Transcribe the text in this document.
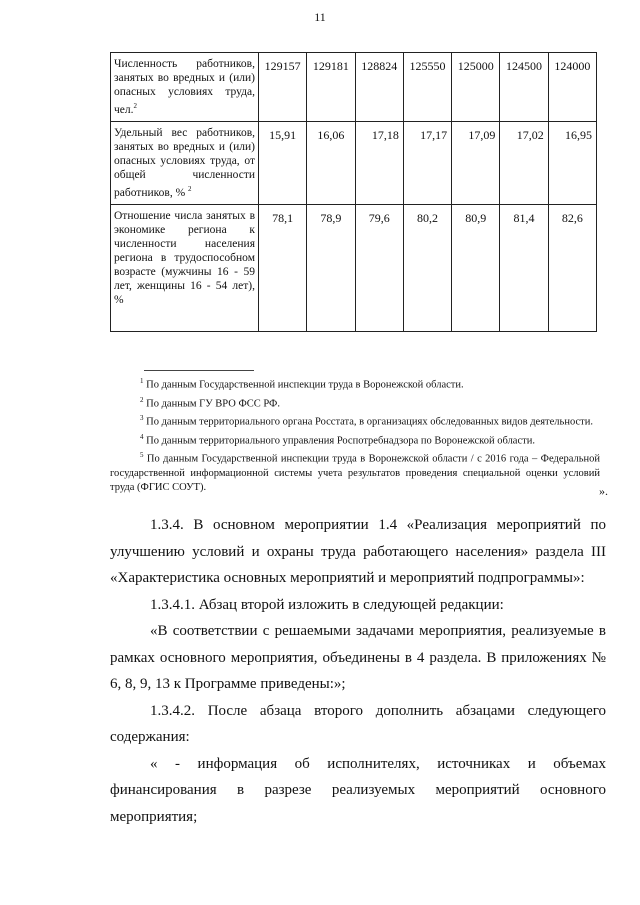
11
Численность работников, занятых во вредных и (или) опасных условиях труда, чел.$^2$	129157	129181	128824	125550	125000	124500	124000
Удельный вес работников, занятых во вредных и (или) опасных условиях труда, от общей численности работников, % $^2$	15,91	16,06	17,18	17,17	17,09	17,02	16,95
Отношение числа занятых в экономике региона к численности населения региона в трудоспособном возрасте (мужчины 16 - 59 лет, женщины 16 - 54 лет), %	78,1	78,9	79,6	80,2	80,9	81,4	82,6

$^1$ По данным Государственной инспекции труда в Воронежской области.

$^2$ По данным ГУ ВРО ФСС РФ.

$^3$ По данным территориального органа Росстата, в организациях обследованных видов деятельности.

$^4$ По данным территориального управления Роспотребнадзора по Воронежской области.

$^5$ По данным Государственной инспекции труда в Воронежской области / с 2016 года – Федеральной государственной информационной системы учета результатов проведения специальной оценки условий труда (ФГИС СОУТ).	».

1.3.4. В основном мероприятии 1.4 «Реализация мероприятий по улучшению условий и охраны труда работающего населения» раздела III «Характеристика основных мероприятий и мероприятий подпрограммы»:

1.3.4.1. Абзац второй изложить в следующей редакции:

«В соответствии с решаемыми задачами мероприятия, реализуемые в рамках основного мероприятия, объединены в 4 раздела. В приложениях № 6, 8, 9, 13 к Программе приведены:»;

1.3.4.2. После абзаца второго дополнить абзацами следующего содержания:

« - информация об исполнителях, источниках и объемах финансирования в разрезе реализуемых мероприятий основного мероприятия;
